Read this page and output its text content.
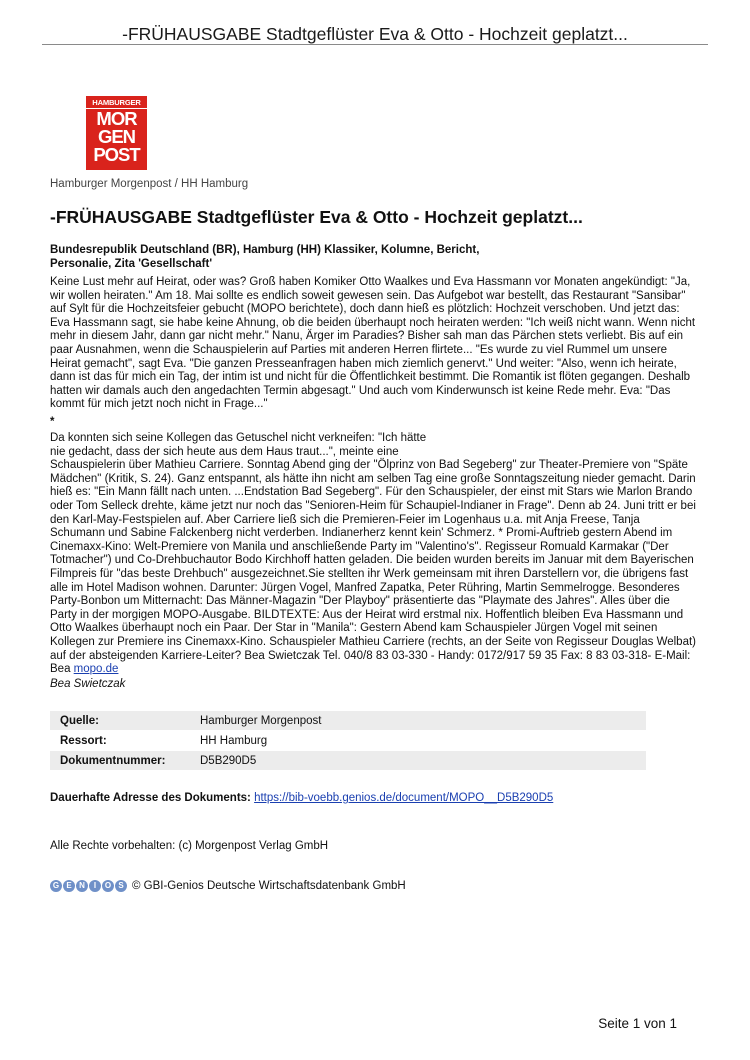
-FRÜHAUSGABE Stadtgeflüster Eva & Otto - Hochzeit geplatzt...
HAMBURGER
MOR
GEN
POST
Hamburger Morgenpost / HH Hamburg
-FRÜHAUSGABE Stadtgeflüster Eva & Otto - Hochzeit geplatzt...
Bundesrepublik Deutschland (BR), Hamburg (HH) Klassiker, Kolumne, Bericht, Personalie, Zita 'Gesellschaft'

Keine Lust mehr auf Heirat, oder was? Groß haben Komiker Otto Waalkes und Eva Hassmann vor Monaten angekündigt: "Ja, wir wollen heiraten." Am 18. Mai sollte es endlich soweit gewesen sein. Das Aufgebot war bestellt, das Restaurant "Sansibar" auf Sylt für die Hochzeitsfeier gebucht (MOPO berichtete), doch dann hieß es plötzlich: Hochzeit verschoben. Und jetzt das: Eva Hassmann sagt, sie habe keine Ahnung, ob die beiden überhaupt noch heiraten werden: "Ich weiß nicht wann. Wenn nicht mehr in diesem Jahr, dann gar nicht mehr." Nanu, Ärger im Paradies? Bisher sah man das Pärchen stets verliebt. Bis auf ein paar Ausnahmen, wenn die Schauspielerin auf Parties mit anderen Herren flirtete... "Es wurde zu viel Rummel um unsere Heirat gemacht", sagt Eva. "Die ganzen Presseanfragen haben mich ziemlich genervt." Und weiter: "Also, wenn ich heirate, dann ist das für mich ein Tag, der intim ist und nicht für die Öffentlichkeit bestimmt. Die Romantik ist flöten gegangen. Deshalb hatten wir damals auch den angedachten Termin abgesagt." Und auch vom Kinderwunsch ist keine Rede mehr. Eva: "Das kommt für mich jetzt noch nicht in Frage..."

*

Da konnten sich seine Kollegen das Getuschel nicht verkneifen: "Ich hätte
nie gedacht, dass der sich heute aus dem Haus traut...", meinte eine
Schauspielerin über Mathieu Carriere. Sonntag Abend ging der "Ölprinz von Bad Segeberg" zur Theater-Premiere von "Späte Mädchen" (Kritik, S. 24). Ganz entspannt, als hätte ihn nicht am selben Tag eine große Sonntagszeitung nieder gemacht. Darin hieß es: "Ein Mann fällt nach unten. ...Endstation Bad Segeberg". Für den Schauspieler, der einst mit Stars wie Marlon Brando oder Tom Selleck drehte, käme jetzt nur noch das "Senioren-Heim für Schaupiel-Indianer in Frage". Denn ab 24. Juni tritt er bei den Karl-May-Festspielen auf. Aber Carriere ließ sich die Premieren-Feier im Logenhaus u.a. mit Anja Freese, Tanja Schumann und Sabine Falckenberg nicht verderben. Indianerherz kennt kein' Schmerz. * Promi-Auftrieb gestern Abend im Cinemaxx-Kino: Welt-Premiere von Manila und anschließende Party im "Valentino's". Regisseur Romuald Karmakar ("Der Totmacher") und Co-Drehbuchautor Bodo Kirchhoff hatten geladen. Die beiden wurden bereits im Januar mit dem Bayerischen Filmpreis für "das beste Drehbuch" ausgezeichnet.Sie stellten ihr Werk gemeinsam mit ihren Darstellern vor, die übrigens fast alle im Hotel Madison wohnen. Darunter: Jürgen Vogel, Manfred Zapatka, Peter Rühring, Martin Semmelrogge. Besonderes Party-Bonbon um Mitternacht: Das Männer-Magazin "Der Playboy" präsentierte das "Playmate des Jahres". Alles über die Party in der morgigen MOPO-Ausgabe. BILDTEXTE: Aus der Heirat wird erstmal nix. Hoffentlich bleiben Eva Hassmann und Otto Waalkes überhaupt noch ein Paar. Der Star in "Manila": Gestern Abend kam Schauspieler Jürgen Vogel mit seinen Kollegen zur Premiere ins Cinemaxx-Kino. Schauspieler Mathieu Carriere (rechts, an der Seite von Regisseur Douglas Welbat) auf der absteigenden Karriere-Leiter? Bea Swietczak Tel. 040/8 83 03-330 - Handy: 0172/917 59 35 Fax: 8 83 03-318- E-Mail: Bea mopo.de

Bea Swietczak
Quelle:	Hamburger Morgenpost
Ressort:	HH Hamburg
Dokumentnummer:	D5B290D5
Dauerhafte Adresse des Dokuments: https://bib-voebb.genios.de/document/MOPO__D5B290D5
Alle Rechte vorbehalten: (c) Morgenpost Verlag GmbH
G E N	I	O S © GBI-Genios Deutsche Wirtschaftsdatenbank GmbH
Seite 1 von 1
